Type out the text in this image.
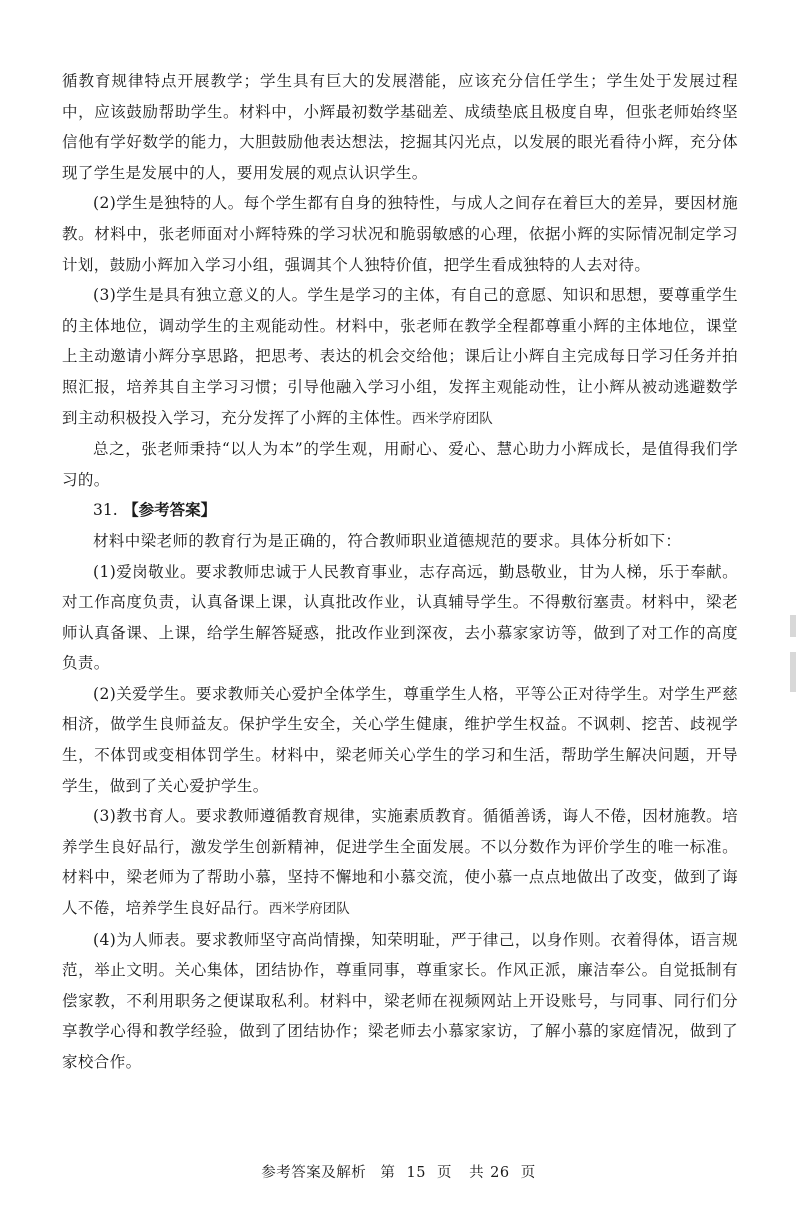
循教育规律特点开展教学；学生具有巨大的发展潜能，应该充分信任学生；学生处于发展过程中，应该鼓励帮助学生。材料中，小辉最初数学基础差、成绩垫底且极度自卑，但张老师始终坚信他有学好数学的能力，大胆鼓励他表达想法，挖掘其闪光点，以发展的眼光看待小辉，充分体现了学生是发展中的人，要用发展的观点认识学生。

(2)学生是独特的人。每个学生都有自身的独特性，与成人之间存在着巨大的差异，要因材施教。材料中，张老师面对小辉特殊的学习状况和脆弱敏感的心理，依据小辉的实际情况制定学习计划，鼓励小辉加入学习小组，强调其个人独特价值，把学生看成独特的人去对待。

(3)学生是具有独立意义的人。学生是学习的主体，有自己的意愿、知识和思想，要尊重学生的主体地位，调动学生的主观能动性。材料中，张老师在教学全程都尊重小辉的主体地位，课堂上主动邀请小辉分享思路，把思考、表达的机会交给他；课后让小辉自主完成每日学习任务并拍照汇报，培养其自主学习习惯；引导他融入学习小组，发挥主观能动性，让小辉从被动逃避数学到主动积极投入学习，充分发挥了小辉的主体性。西米学府团队

总之，张老师秉持“以人为本”的学生观，用耐心、爱心、慧心助力小辉成长，是值得我们学习的。

31. 【参考答案】

材料中梁老师的教育行为是正确的，符合教师职业道德规范的要求。具体分析如下：

(1)爱岗敬业。要求教师忠诚于人民教育事业，志存高远，勤恳敬业，甘为人梯，乐于奉献。对工作高度负责，认真备课上课，认真批改作业，认真辅导学生。不得敷衍塞责。材料中，梁老师认真备课、上课，给学生解答疑惑，批改作业到深夜，去小慕家家访等，做到了对工作的高度负责。

(2)关爱学生。要求教师关心爱护全体学生，尊重学生人格，平等公正对待学生。对学生严慈相济，做学生良师益友。保护学生安全，关心学生健康，维护学生权益。不讽刺、挖苦、歧视学生，不体罚或变相体罚学生。材料中，梁老师关心学生的学习和生活，帮助学生解决问题，开导学生，做到了关心爱护学生。

(3)教书育人。要求教师遵循教育规律，实施素质教育。循循善诱，诲人不倦，因材施教。培养学生良好品行，激发学生创新精神，促进学生全面发展。不以分数作为评价学生的唯一标准。材料中，梁老师为了帮助小慕，坚持不懈地和小慕交流，使小慕一点点地做出了改变，做到了诲人不倦，培养学生良好品行。西米学府团队

(4)为人师表。要求教师坚守高尚情操，知荣明耻，严于律己，以身作则。衣着得体，语言规范，举止文明。关心集体，团结协作，尊重同事，尊重家长。作风正派，廉洁奉公。自觉抵制有偿家教，不利用职务之便谋取私利。材料中，梁老师在视频网站上开设账号，与同事、同行们分享教学心得和教学经验，做到了团结协作；梁老师去小慕家家访，了解小慕的家庭情况，做到了家校合作。

参考答案及解析 第 15 页 共 26 页
